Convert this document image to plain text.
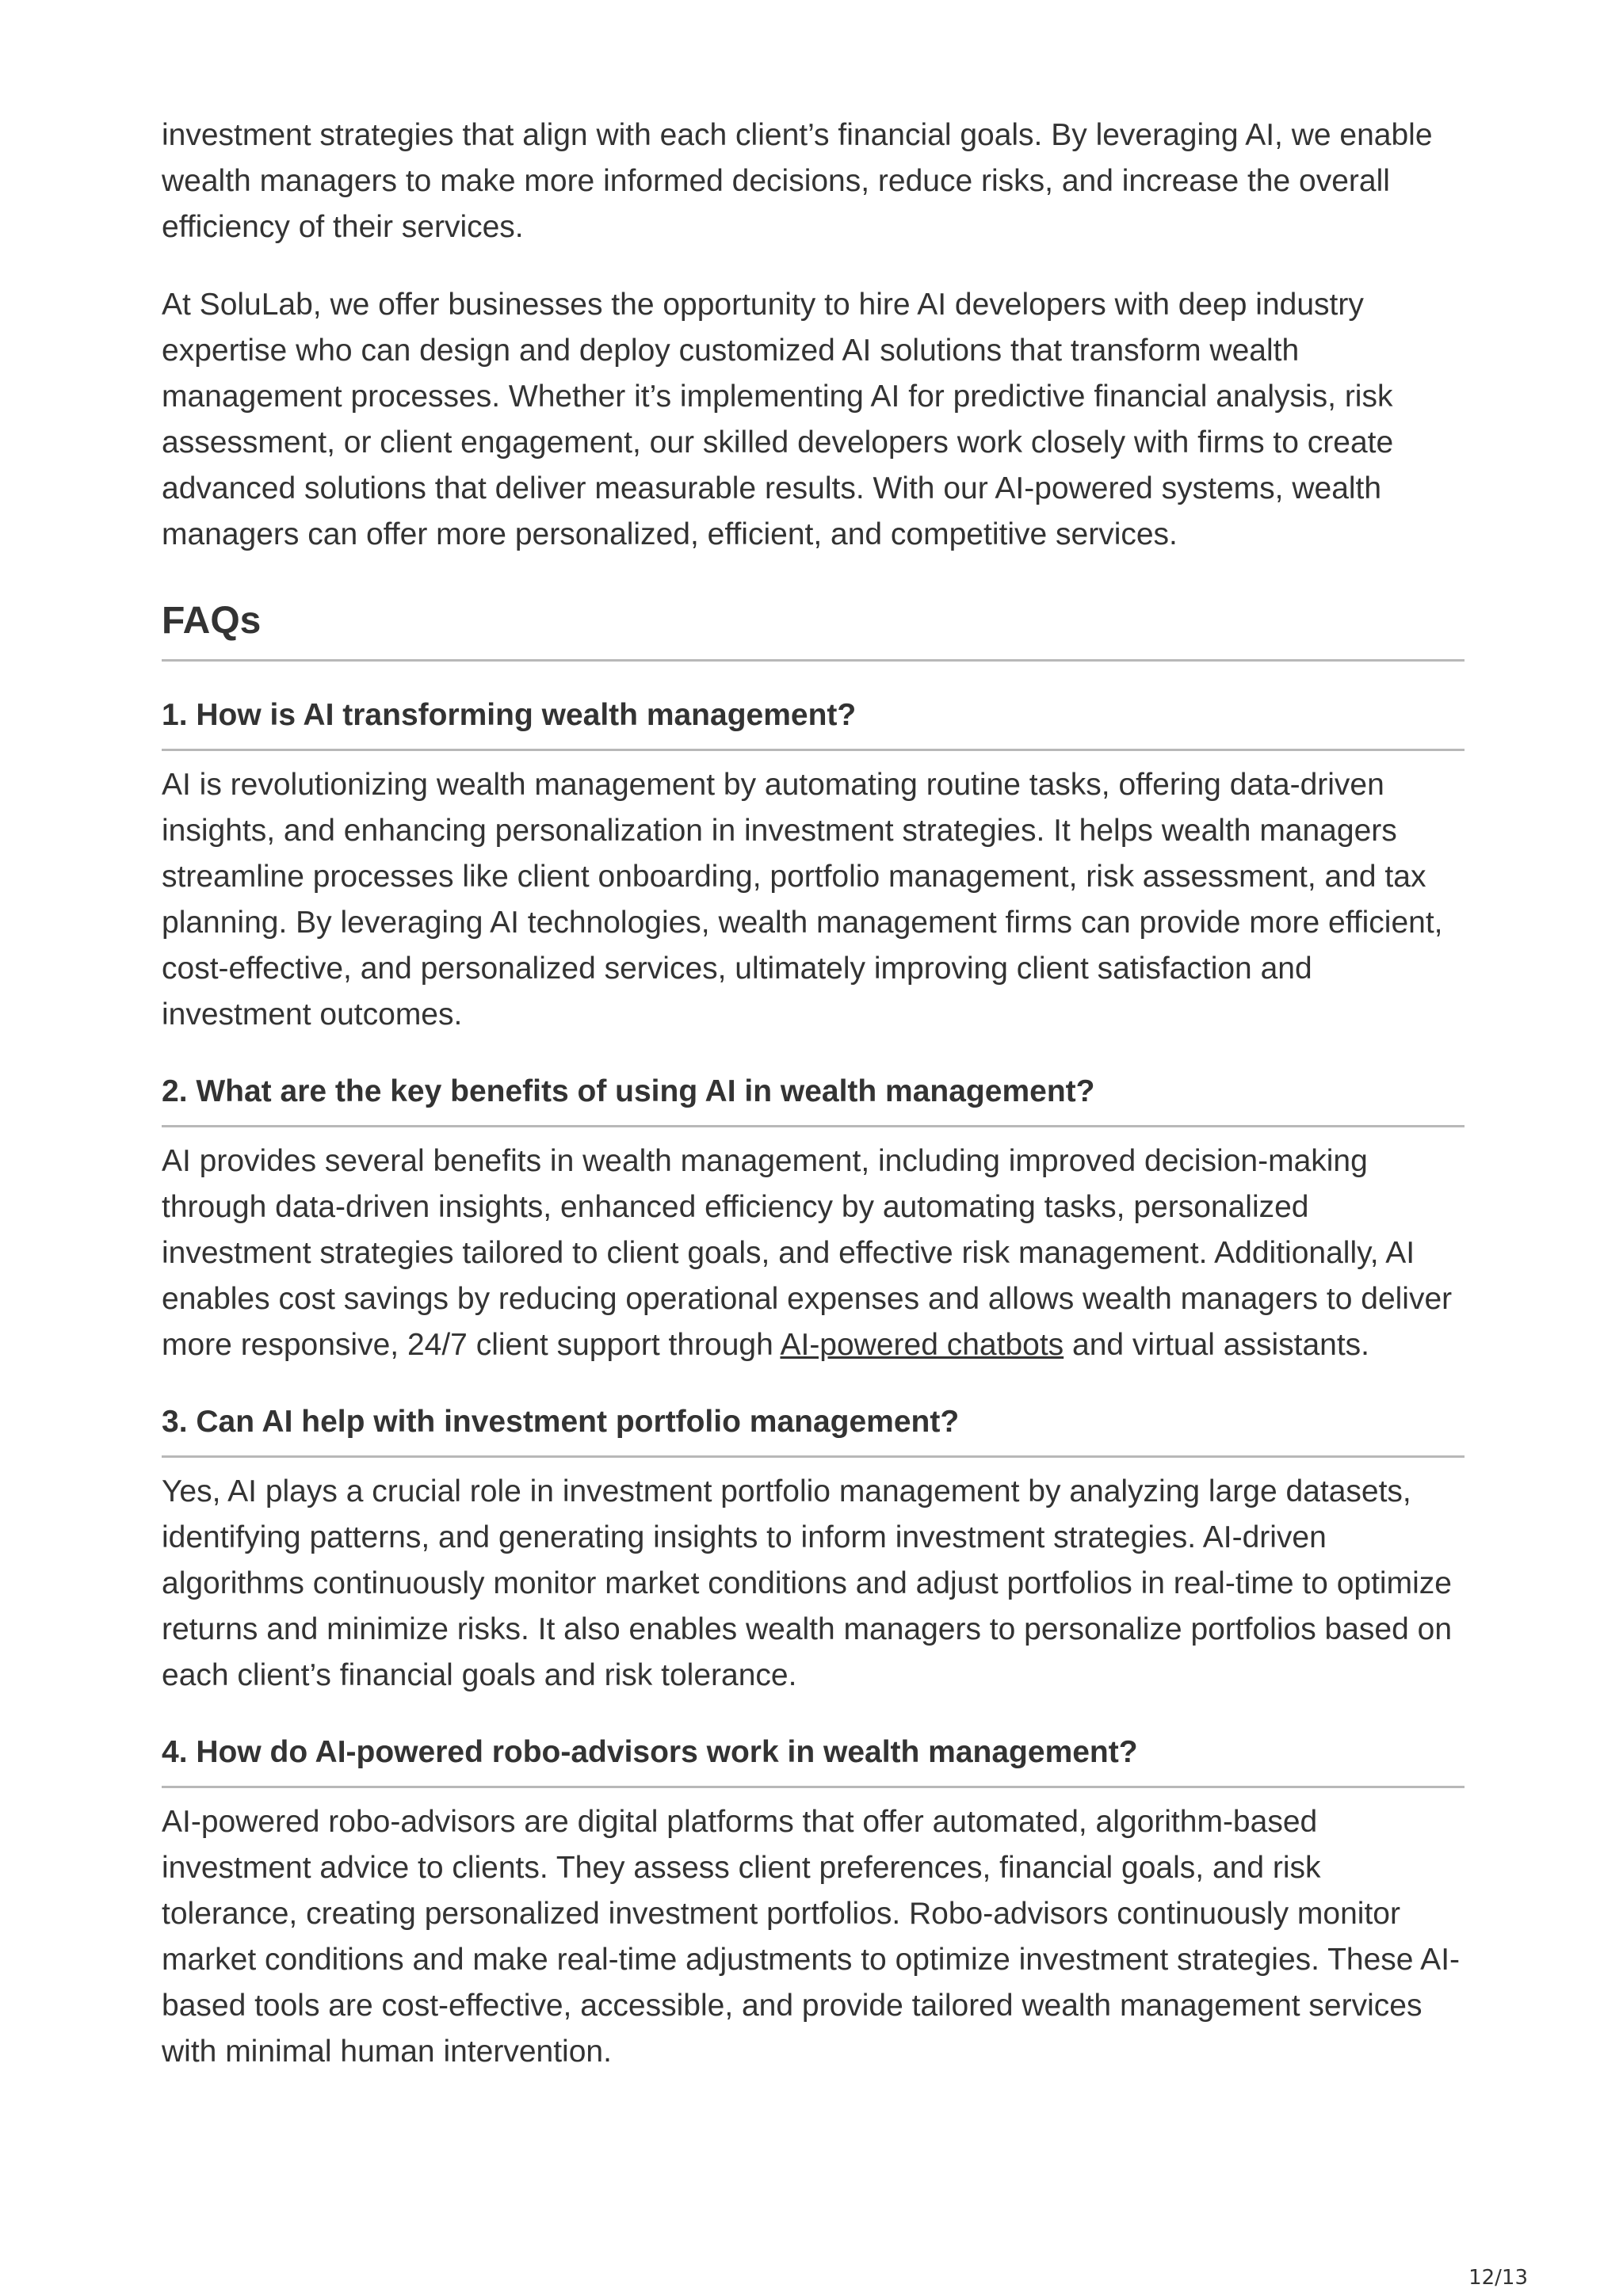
investment strategies that align with each client’s financial goals. By leveraging AI, we enable wealth managers to make more informed decisions, reduce risks, and increase the overall efficiency of their services.

At SoluLab, we offer businesses the opportunity to hire AI developers with deep industry expertise who can design and deploy customized AI solutions that transform wealth management processes. Whether it’s implementing AI for predictive financial analysis, risk assessment, or client engagement, our skilled developers work closely with firms to create advanced solutions that deliver measurable results. With our AI-powered systems, wealth managers can offer more personalized, efficient, and competitive services.

FAQs
1. How is AI transforming wealth management?

AI is revolutionizing wealth management by automating routine tasks, offering data-driven insights, and enhancing personalization in investment strategies. It helps wealth managers streamline processes like client onboarding, portfolio management, risk assessment, and tax planning. By leveraging AI technologies, wealth management firms can provide more efficient, cost-effective, and personalized services, ultimately improving client satisfaction and investment outcomes.

2. What are the key benefits of using AI in wealth management?

AI provides several benefits in wealth management, including improved decision-making through data-driven insights, enhanced efficiency by automating tasks, personalized investment strategies tailored to client goals, and effective risk management. Additionally, AI enables cost savings by reducing operational expenses and allows wealth managers to deliver more responsive, 24/7 client support through AI-powered chatbots and virtual assistants.

3. Can AI help with investment portfolio management?

Yes, AI plays a crucial role in investment portfolio management by analyzing large datasets, identifying patterns, and generating insights to inform investment strategies. AI-driven algorithms continuously monitor market conditions and adjust portfolios in real-time to optimize returns and minimize risks. It also enables wealth managers to personalize portfolios based on each client’s financial goals and risk tolerance.

4. How do AI-powered robo-advisors work in wealth management?

AI-powered robo-advisors are digital platforms that offer automated, algorithm-based investment advice to clients. They assess client preferences, financial goals, and risk tolerance, creating personalized investment portfolios. Robo-advisors continuously monitor market conditions and make real-time adjustments to optimize investment strategies. These AI-based tools are cost-effective, accessible, and provide tailored wealth management services with minimal human intervention.

12/13
